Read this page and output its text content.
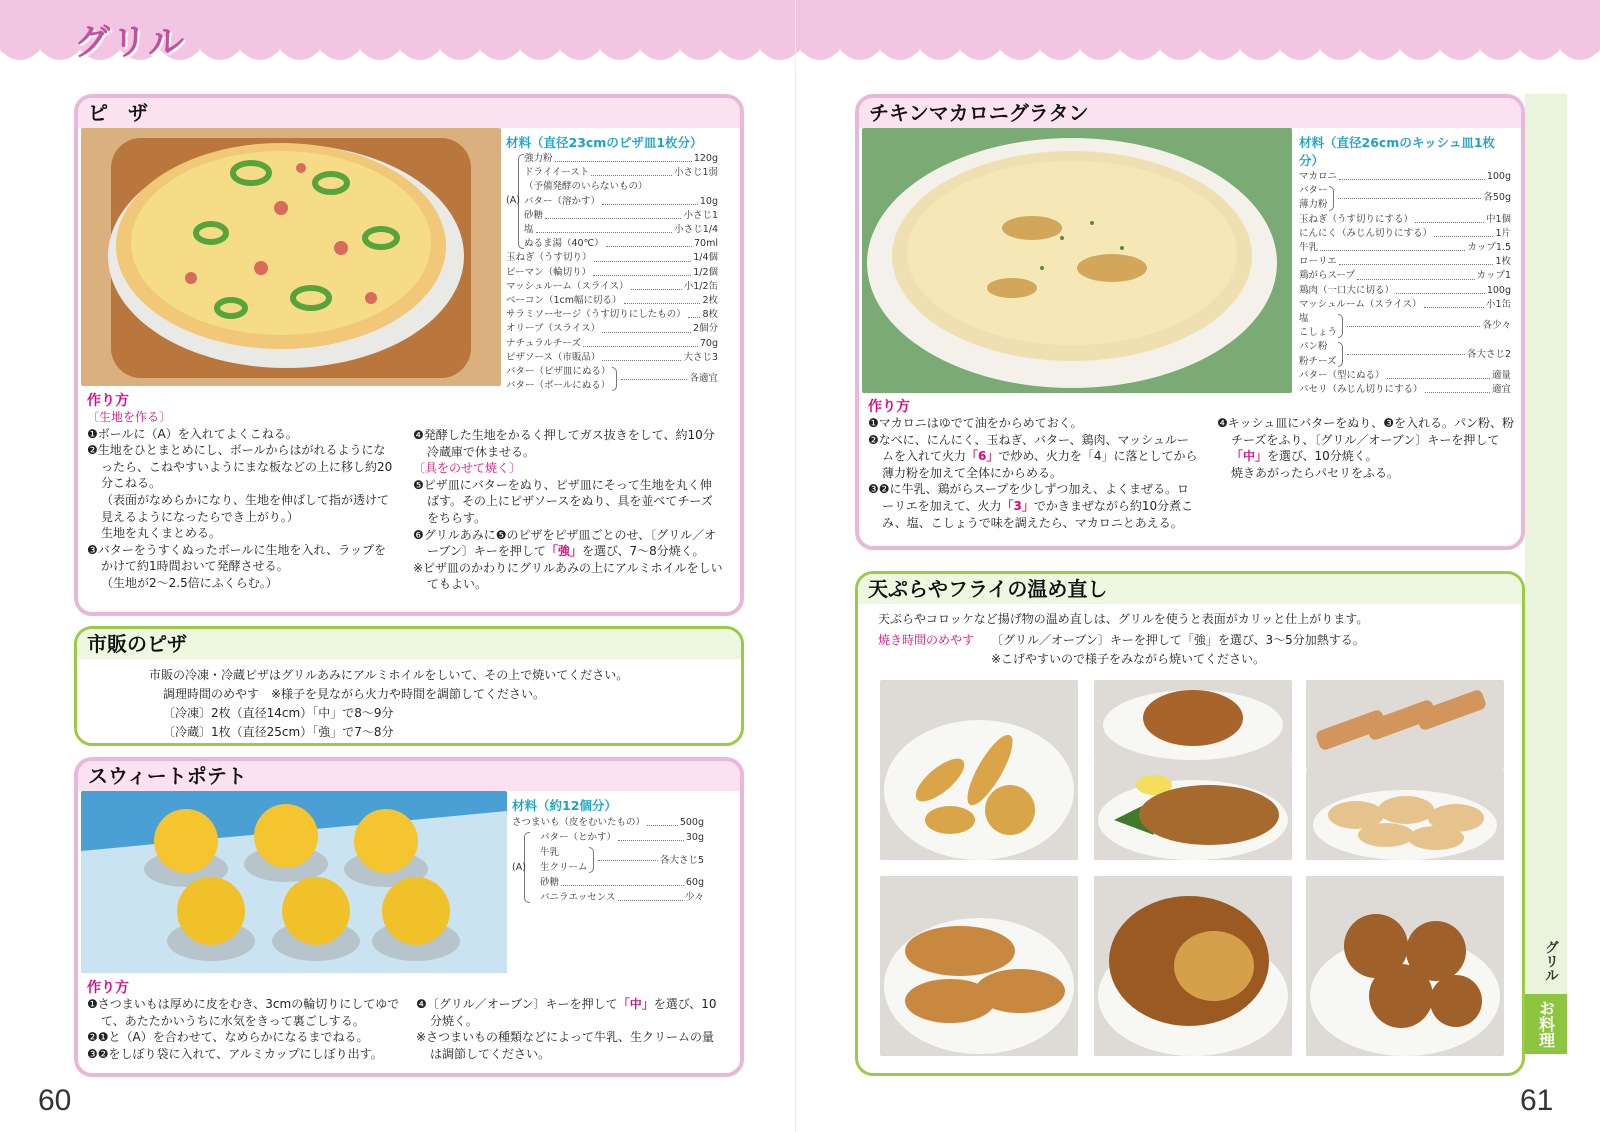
グリル
ピ　ザ
材料（直径23cmのピザ皿1枚分）
(A)
強力粉	120g
ドライイースト	小さじ1弱
（予備発酵のいらないもの）
バター（溶かす）	10g
砂糖	小さじ1
塩	小さじ1/4
ぬるま湯（40℃）	70ml
玉ねぎ（うす切り）	1/4個
ピーマン（輪切り）	1/2個
マッシュルーム（スライス）	小1/2缶
ベーコン（1cm幅に切る）	2枚
サラミソーセージ（うす切りにしたもの） 8枚
オリーブ（スライス）	2個分
ナチュラルチーズ	70g
ピザソース（市販品）	大さじ3
バター（ピザ皿にぬる）
バター（ボールにぬる）
各適宜
作り方

〔生地を作る〕

❶ボールに（A）を入れてよくこねる。

❷生地をひとまとめにし、ボールからはがれるようになったら、こねやすいようにまな板などの上に移し約20分こねる。

（表面がなめらかになり、生地を伸ばして指が透けて見えるようになったらでき上がり。）

生地を丸くまとめる。

❸バターをうすくぬったボールに生地を入れ、ラップをかけて約1時間おいて発酵させる。

（生地が2～2.5倍にふくらむ。）

❹発酵した生地をかるく押してガス抜きをして、約10分冷蔵庫で休ませる。

〔具をのせて焼く〕

❺ピザ皿にバターをぬり、ピザ皿にそって生地を丸く伸ばす。その上にピザソースをぬり、具を並べてチーズをちらす。

❻グリルあみに❺のピザをピザ皿ごとのせ、〔グリル／オーブン〕キーを押して「強」を選び、7～8分焼く。

※ピザ皿のかわりにグリルあみの上にアルミホイルをしいてもよい。

市販のピザ
市販の冷凍・冷蔵ピザはグリルあみにアルミホイルをしいて、その上で焼いてください。
調理時間のめやす　※様子を見ながら火力や時間を調節してください。
〔冷凍〕2枚（直径14cm）「中」で8～9分
〔冷蔵〕1枚（直径25cm）「強」で7～8分
スウィートポテト
材料（約12個分）
さつまいも（皮をむいたもの）	500g
(A)
バター（とかす）	30g
牛乳
生クリーム
各大さじ5
砂糖	60g
バニラエッセンス	少々
作り方

❶さつまいもは厚めに皮をむき、3cmの輪切りにしてゆでて、あたたかいうちに水気をきって裏ごしする。

❷❶と（A）を合わせて、なめらかになるまでねる。

❸❷をしぼり袋に入れて、アルミカップにしぼり出す。

❹〔グリル／オーブン〕キーを押して「中」を選び、10分焼く。

※さつまいもの種類などによって牛乳、生クリームの量は調節してください。

60
チキンマカロニグラタン
材料（直径26cmのキッシュ皿1枚分）
マカロニ	100g
バター
薄力粉
各50g
玉ねぎ（うす切りにする）	中1個
にんにく（みじん切りにする）	1片
牛乳	カップ1.5
ローリエ	1枚
鶏がらスープ	カップ1
鶏肉（一口大に切る）	100g
マッシュルーム（スライス）	小1缶
塩
こしょう
各少々
パン粉
粉チーズ
各大さじ2
バター（型にぬる）	適量
パセリ（みじん切りにする）	適宜
作り方

❶マカロニはゆでて油をからめておく。

❷なべに、にんにく、玉ねぎ、バター、鶏肉、マッシュルームを入れて火力「6」で炒め、火力を「4」に落としてから薄力粉を加えて全体にからめる。

❸❷に牛乳、鶏がらスープを少しずつ加え、よくまぜる。ローリエを加えて、火力「3」でかきまぜながら約10分煮こみ、塩、こしょうで味を調えたら、マカロニとあえる。

❹キッシュ皿にバターをぬり、❸を入れる。パン粉、粉チーズをふり、〔グリル／オーブン〕キーを押して「中」を選び、10分焼く。

焼きあがったらパセリをふる。

天ぷらやフライの温め直し
天ぷらやコロッケなど揚げ物の温め直しは、グリルを使うと表面がカリッと仕上がります。
焼き時間のめやす 〔グリル／オーブン〕キーを押して「強」を選び、3～5分加熱する。
※こげやすいので様子をみながら焼いてください。
グリル
お料理
61
